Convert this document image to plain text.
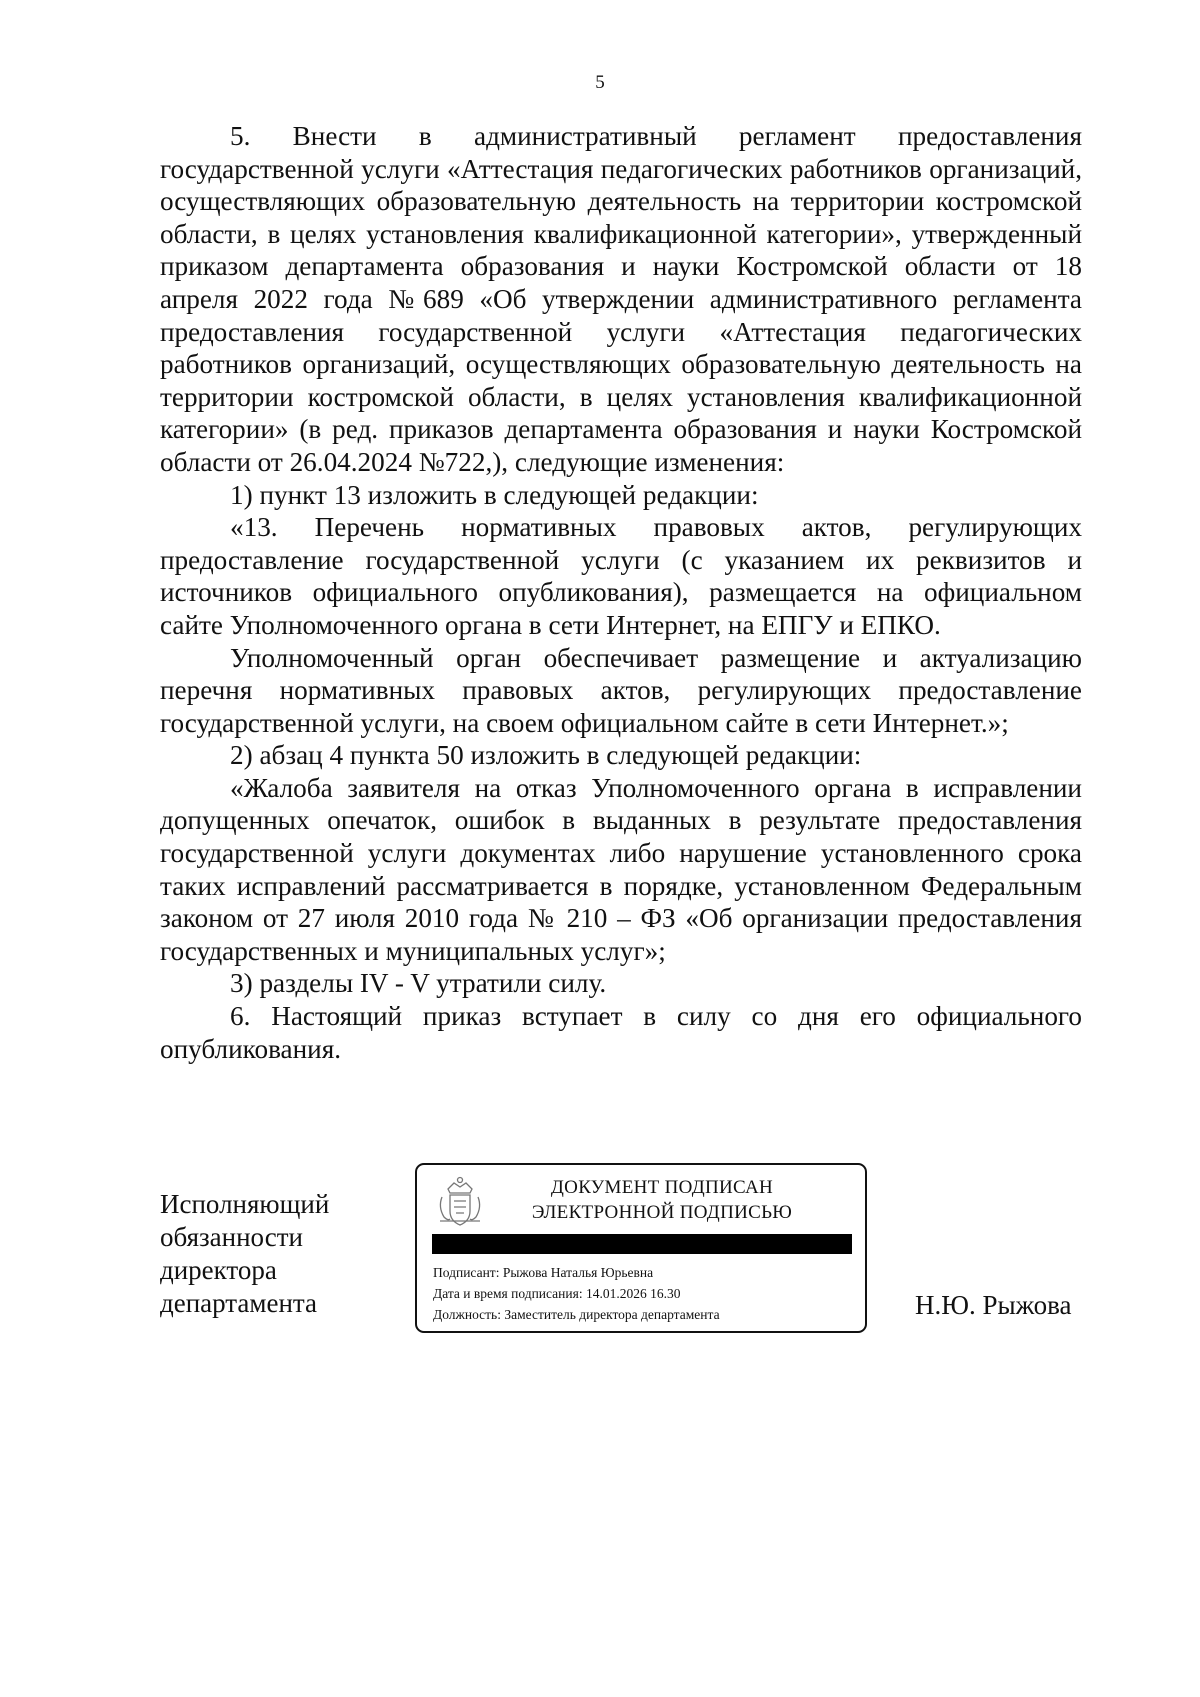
5

5. Внести в административный регламент предоставления государственной услуги «Аттестация педагогических работников организаций, осуществляющих образовательную деятельность на территории костромской области, в целях установления квалификационной категории», утвержденный приказом департамента образования и науки Костромской области от 18 апреля 2022 года №689 «Об утверждении административного регламента предоставления государственной услуги «Аттестация педагогических работников организаций, осуществляющих образовательную деятельность на территории костромской области, в целях установления квалификационной категории» (в ред. приказов департамента образования и науки Костромской области от 26.04.2024 №722,), следующие изменения:

1) пункт 13 изложить в следующей редакции:

«13. Перечень нормативных правовых актов, регулирующих предоставление государственной услуги (с указанием их реквизитов и источников официального опубликования), размещается на официальном сайте Уполномоченного органа в сети Интернет, на ЕПГУ и ЕПКО.

Уполномоченный орган обеспечивает размещение и актуализацию перечня нормативных правовых актов, регулирующих предоставление государственной услуги, на своем официальном сайте в сети Интернет.»;

2) абзац 4 пункта 50 изложить в следующей редакции:

«Жалоба заявителя на отказ Уполномоченного органа в исправлении допущенных опечаток, ошибок в выданных в результате предоставления государственной услуги документах либо нарушение установленного срока таких исправлений рассматривается в порядке, установленном Федеральным законом от 27 июля 2010 года № 210 – ФЗ «Об организации предоставления государственных и муниципальных услуг»;

3) разделы IV - V утратили силу.

6. Настоящий приказ вступает в силу со дня его официального опубликования.

Исполняющий
обязанности
директора
департамента
ДОКУМЕНТ ПОДПИСАН
ЭЛЕКТРОННОЙ ПОДПИСЬЮ
Подписант: Рыжова Наталья Юрьевна
Дата и время подписания: 14.01.2026 16.30
Должность: Заместитель директора департамента	Н.Ю. Рыжова
